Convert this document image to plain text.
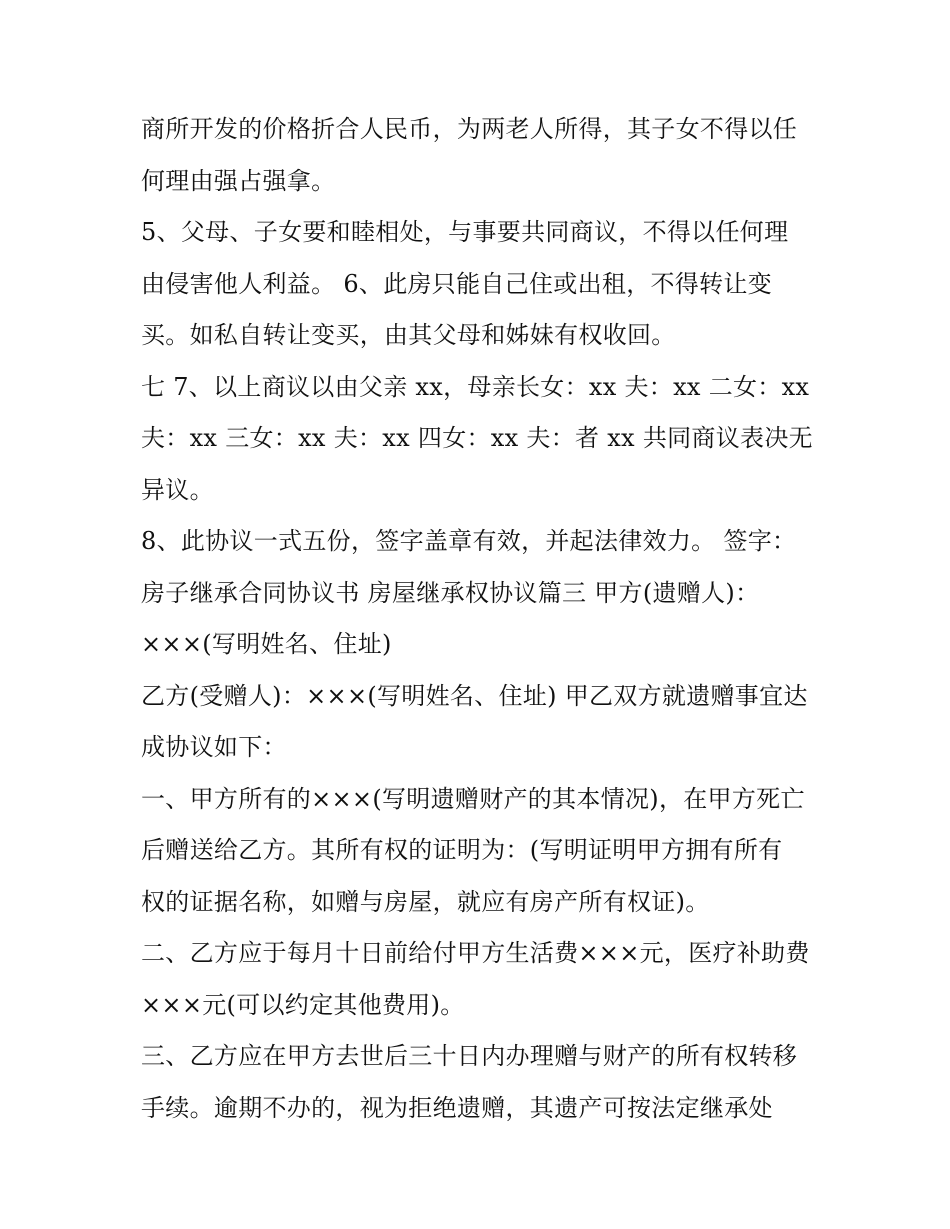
商所开发的价格折合人民币，为两老人所得，其子女不得以任
何理由强占强拿。
5、父母、子女要和睦相处，与事要共同商议，不得以任何理
由侵害他人利益。 6、此房只能自己住或出租，不得转让变
买。如私自转让变买，由其父母和姊妹有权收回。
七 7、以上商议以由父亲 xx，母亲长女：xx 夫：xx 二女：xx
夫：xx 三女：xx 夫：xx 四女：xx 夫：者 xx 共同商议表决无
异议。
8、此协议一式五份，签字盖章有效，并起法律效力。 签字：
房子继承合同协议书 房屋继承权协议篇三 甲方(遗赠人)：
×××(写明姓名、住址)
乙方(受赠人)：×××(写明姓名、住址) 甲乙双方就遗赠事宜达
成协议如下：
一、甲方所有的×××(写明遗赠财产的其本情况)，在甲方死亡
后赠送给乙方。其所有权的证明为：(写明证明甲方拥有所有
权的证据名称，如赠与房屋，就应有房产所有权证)。
二、乙方应于每月十日前给付甲方生活费×××元，医疗补助费
×××元(可以约定其他费用)。
三、乙方应在甲方去世后三十日内办理赠与财产的所有权转移
手续。逾期不办的，视为拒绝遗赠，其遗产可按法定继承处
